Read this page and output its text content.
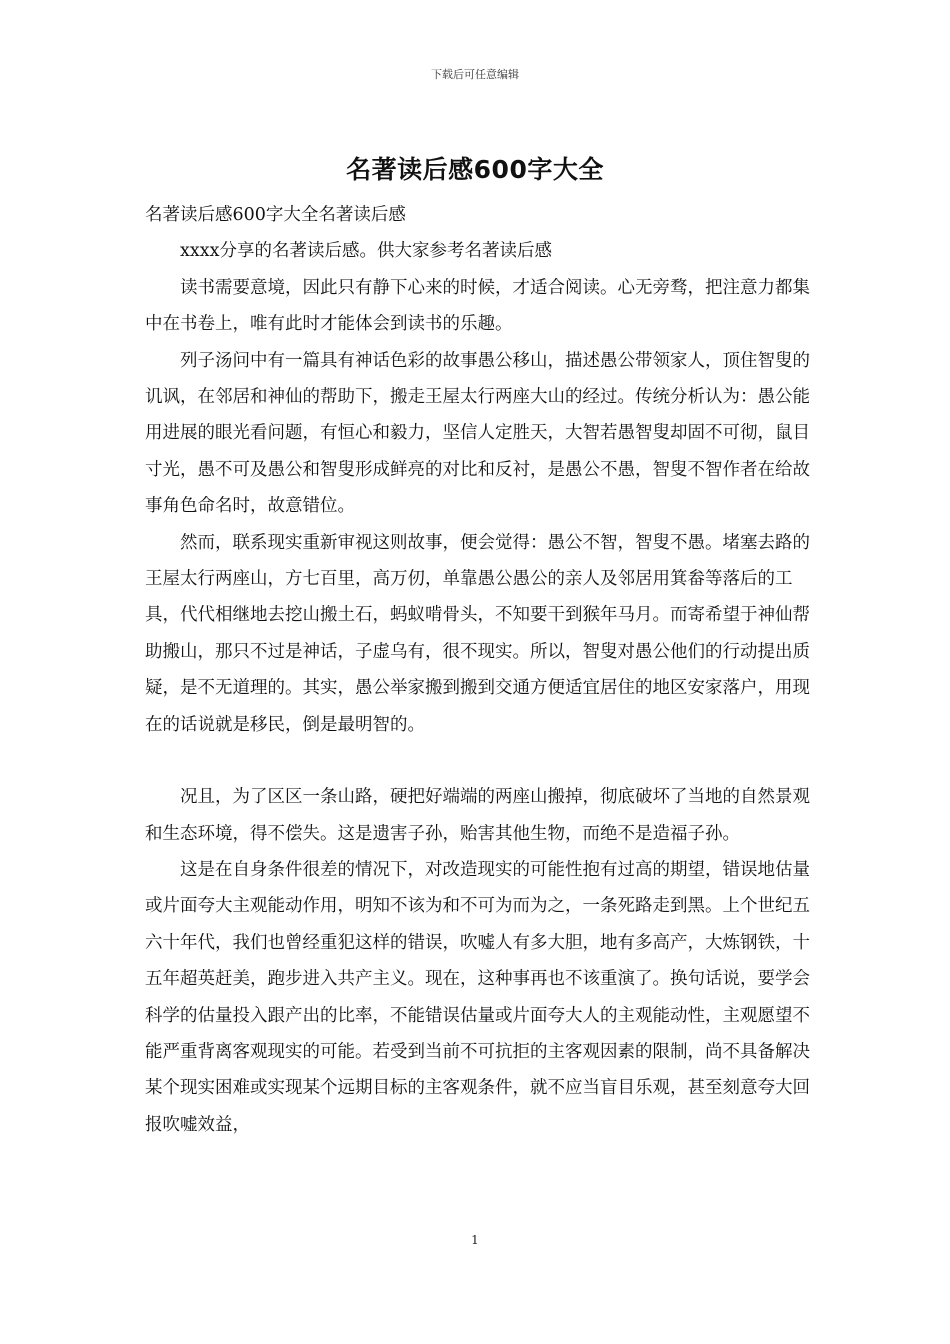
下载后可任意编辑
名著读后感600字大全

名著读后感600字大全名著读后感

xxxx分享的名著读后感。供大家参考名著读后感

读书需要意境，因此只有静下心来的时候，才适合阅读。心无旁骛，把注意力都集中在书卷上，唯有此时才能体会到读书的乐趣。

列子汤问中有一篇具有神话色彩的故事愚公移山，描述愚公带领家人，顶住智叟的讥讽，在邻居和神仙的帮助下，搬走王屋太行两座大山的经过。传统分析认为：愚公能用进展的眼光看问题，有恒心和毅力，坚信人定胜天，大智若愚智叟却固不可彻，鼠目寸光，愚不可及愚公和智叟形成鲜亮的对比和反衬，是愚公不愚，智叟不智作者在给故事角色命名时，故意错位。

然而，联系现实重新审视这则故事，便会觉得：愚公不智，智叟不愚。堵塞去路的王屋太行两座山，方七百里，高万仞，单靠愚公愚公的亲人及邻居用箕畚等落后的工具，代代相继地去挖山搬土石，蚂蚁啃骨头，不知要干到猴年马月。而寄希望于神仙帮助搬山，那只不过是神话，子虚乌有，很不现实。所以，智叟对愚公他们的行动提出质疑，是不无道理的。其实，愚公举家搬到搬到交通方便适宜居住的地区安家落户，用现在的话说就是移民，倒是最明智的。

况且，为了区区一条山路，硬把好端端的两座山搬掉，彻底破坏了当地的自然景观和生态环境，得不偿失。这是遗害子孙，贻害其他生物，而绝不是造福子孙。

这是在自身条件很差的情况下，对改造现实的可能性抱有过高的期望，错误地估量或片面夸大主观能动作用，明知不该为和不可为而为之，一条死路走到黑。上个世纪五六十年代，我们也曾经重犯这样的错误，吹嘘人有多大胆，地有多高产，大炼钢铁，十五年超英赶美，跑步进入共产主义。现在，这种事再也不该重演了。换句话说，要学会科学的估量投入跟产出的比率，不能错误估量或片面夸大人的主观能动性，主观愿望不能严重背离客观现实的可能。若受到当前不可抗拒的主客观因素的限制，尚不具备解决某个现实困难或实现某个远期目标的主客观条件，就不应当盲目乐观，甚至刻意夸大回报吹嘘效益，

1
